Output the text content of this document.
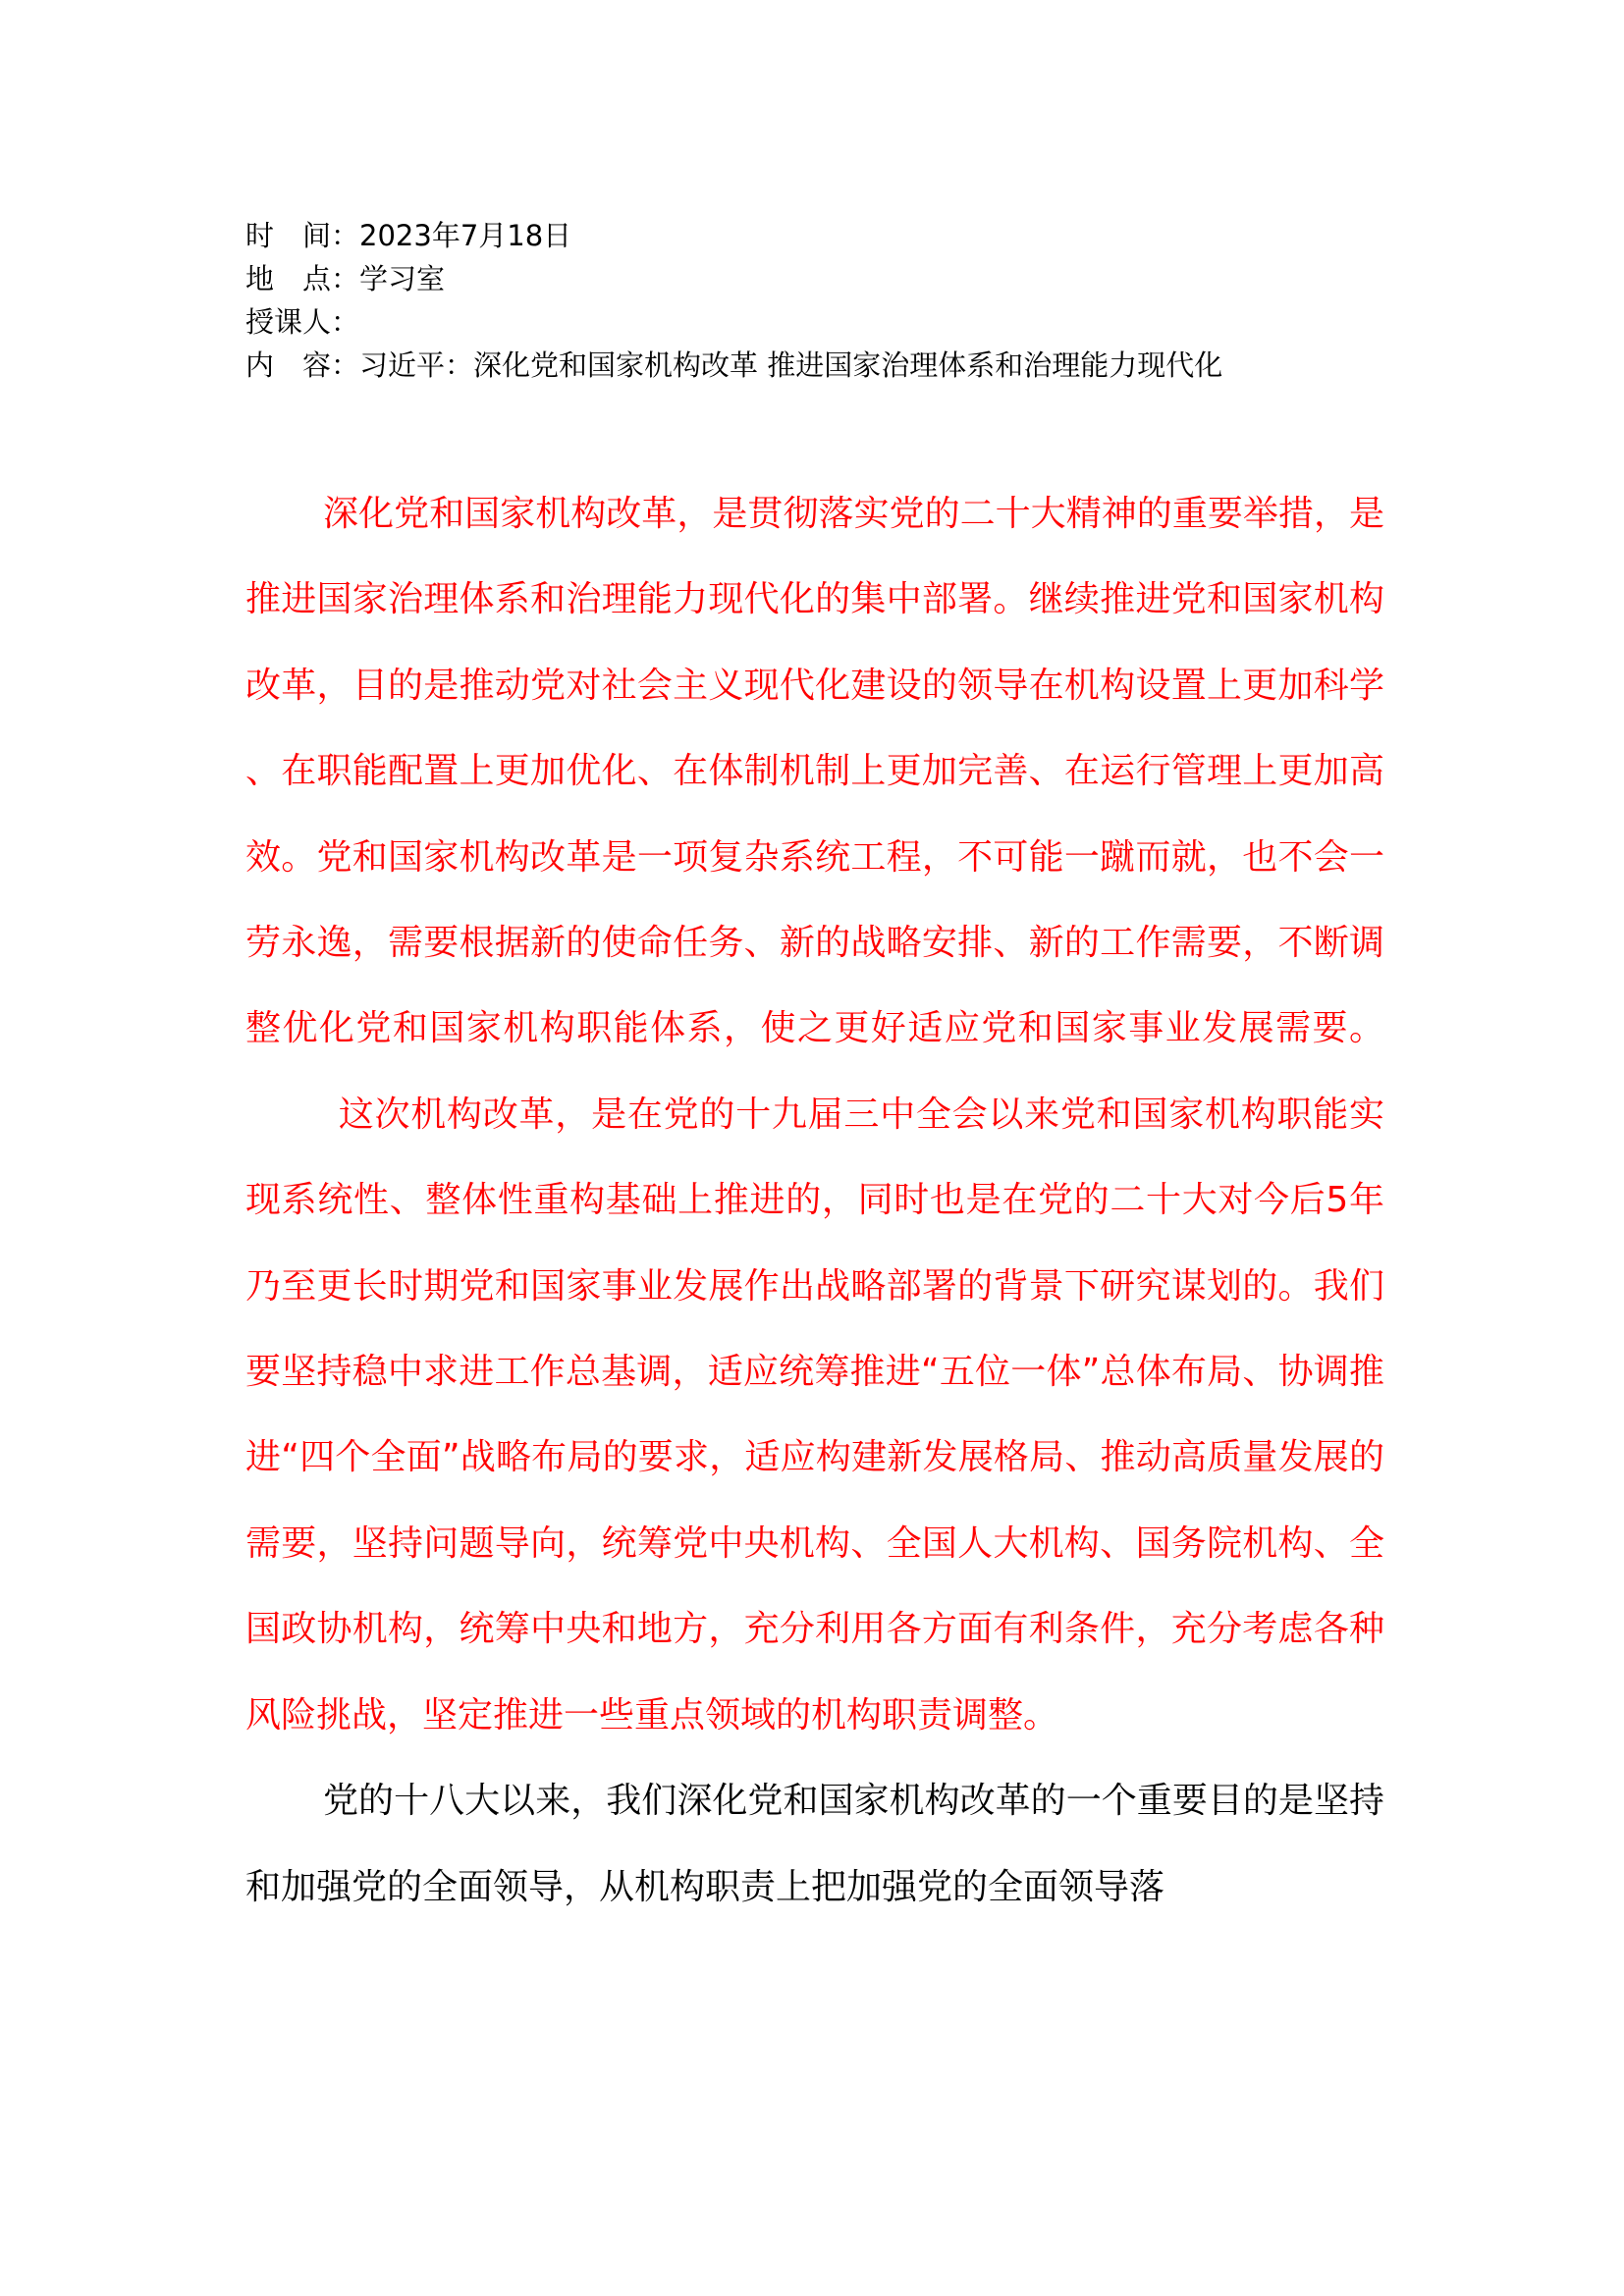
时　间：2023年7月18日
地　点：学习室
授课人：
内　容：习近平：深化党和国家机构改革 推进国家治理体系和治理能力现代化

深化党和国家机构改革，是贯彻落实党的二十大精神的重要举措，是推进国家治理体系和治理能力现代化的集中部署。继续推进党和国家机构改革，目的是推动党对社会主义现代化建设的领导在机构设置上更加科学、在职能配置上更加优化、在体制机制上更加完善、在运行管理上更加高效。党和国家机构改革是一项复杂系统工程，不可能一蹴而就，也不会一劳永逸，需要根据新的使命任务、新的战略安排、新的工作需要，不断调整优化党和国家机构职能体系，使之更好适应党和国家事业发展需要。这次机构改革，是在党的十九届三中全会以来党和国家机构职能实现系统性、整体性重构基础上推进的，同时也是在党的二十大对今后5年乃至更长时期党和国家事业发展作出战略部署的背景下研究谋划的。我们要坚持稳中求进工作总基调，适应统筹推进“五位一体”总体布局、协调推进“四个全面”战略布局的要求，适应构建新发展格局、推动高质量发展的需要，坚持问题导向，统筹党中央机构、全国人大机构、国务院机构、全国政协机构，统筹中央和地方，充分利用各方面有利条件，充分考虑各种风险挑战，坚定推进一些重点领域的机构职责调整。

党的十八大以来，我们深化党和国家机构改革的一个重要目的是坚持和加强党的全面领导，从机构职责上把加强党的全面领导落
